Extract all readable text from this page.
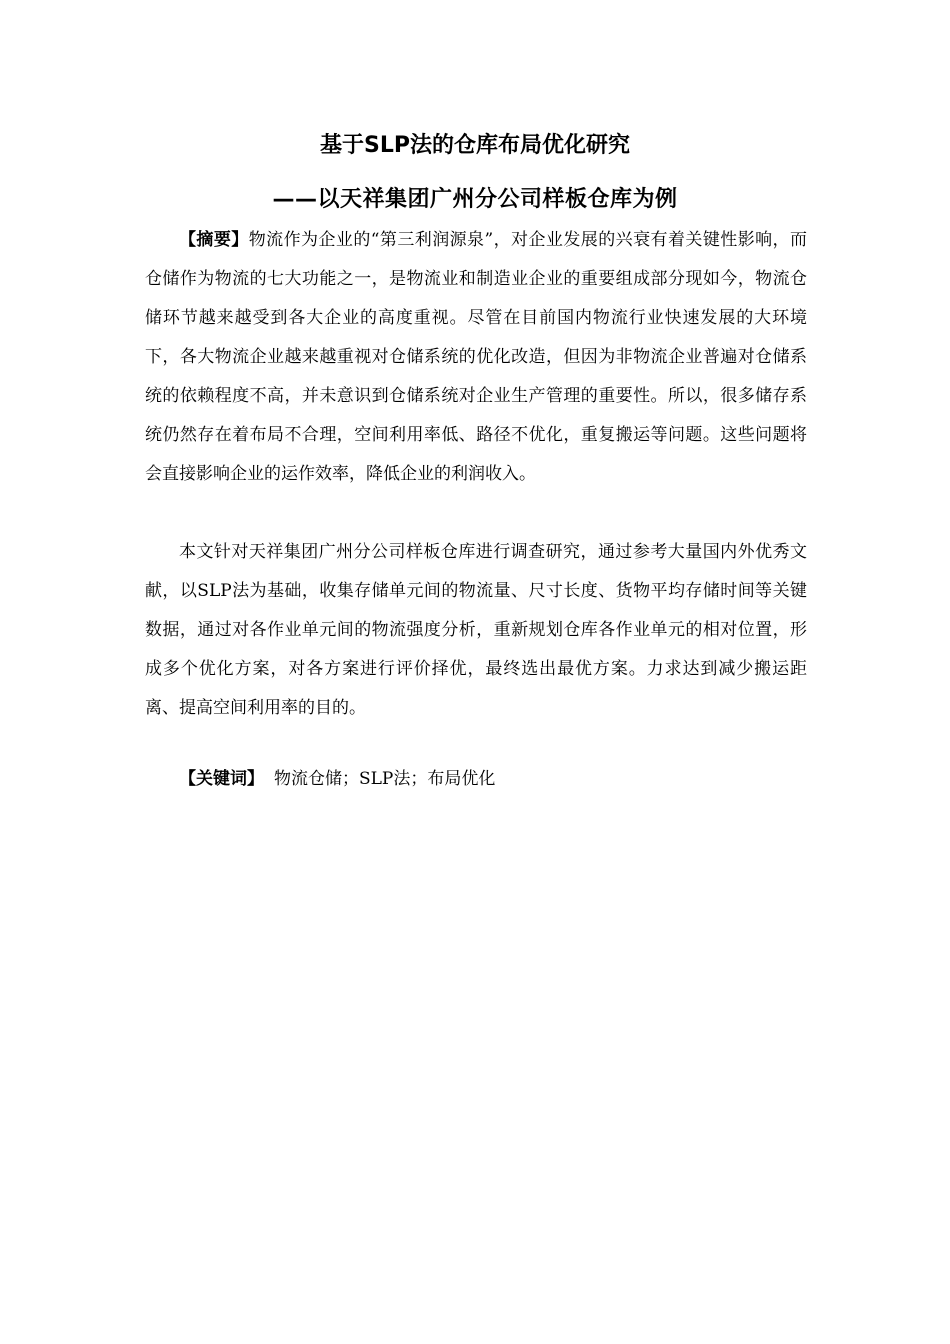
基于SLP法的仓库布局优化研究
——以天祥集团广州分公司样板仓库为例

【摘要】物流作为企业的“第三利润源泉”，对企业发展的兴衰有着关键性影响，而仓储作为物流的七大功能之一，是物流业和制造业企业的重要组成部分现如今，物流仓储环节越来越受到各大企业的高度重视。尽管在目前国内物流行业快速发展的大环境下，各大物流企业越来越重视对仓储系统的优化改造，但因为非物流企业普遍对仓储系统的依赖程度不高，并未意识到仓储系统对企业生产管理的重要性。所以，很多储存系统仍然存在着布局不合理，空间利用率低、路径不优化，重复搬运等问题。这些问题将会直接影响企业的运作效率，降低企业的利润收入。

本文针对天祥集团广州分公司样板仓库进行调查研究，通过参考大量国内外优秀文献，以SLP法为基础，收集存储单元间的物流量、尺寸长度、货物平均存储时间等关键数据，通过对各作业单元间的物流强度分析，重新规划仓库各作业单元的相对位置，形成多个优化方案，对各方案进行评价择优，最终选出最优方案。力求达到减少搬运距离、提高空间利用率的目的。

【关键词】 物流仓储；SLP法；布局优化
